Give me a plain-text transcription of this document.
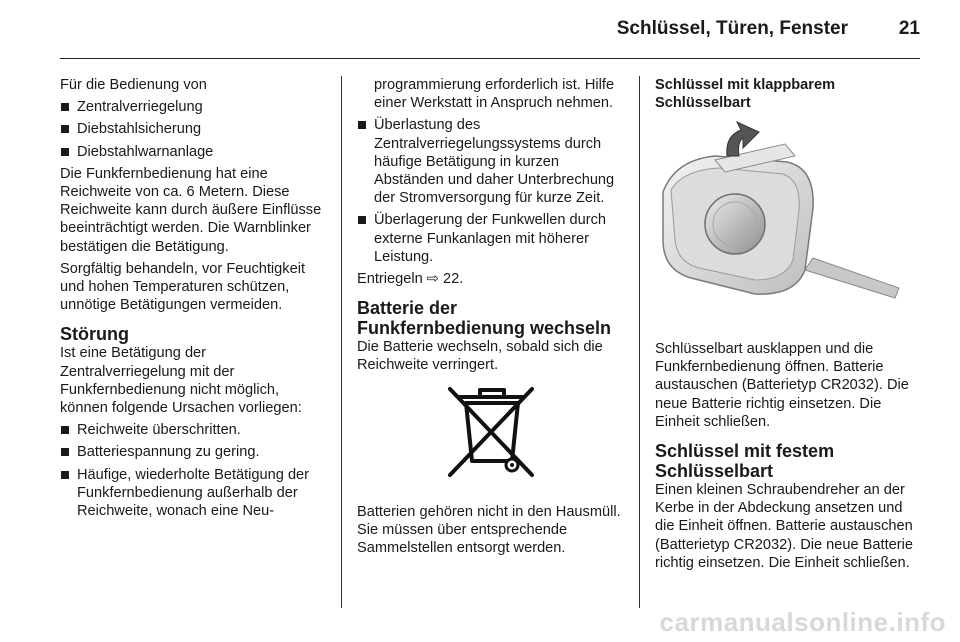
Schlüssel, Türen, Fenster	21
Für die Bedienung von
Zentralverriegelung
Diebstahlsicherung
Diebstahlwarnanlage
Die Funkfernbedienung hat eine Reichweite von ca. 6 Metern. Diese Reichweite kann durch äußere Einflüsse beeinträchtigt werden. Die Warnblinker bestätigen die Betätigung.
Sorgfältig behandeln, vor Feuchtigkeit und hohen Temperaturen schützen, unnötige Betätigungen vermeiden.
Störung
Ist eine Betätigung der Zentralverriegelung mit der Funkfernbedienung nicht möglich, können folgende Ursachen vorliegen:
Reichweite überschritten.
Batteriespannung zu gering.
Häufige, wiederholte Betätigung der Funkfernbedienung außerhalb der Reichweite, wonach eine Neu-
programmierung erforderlich ist. Hilfe einer Werkstatt in Anspruch nehmen.
Überlastung des Zentralverriegelungssystems durch häufige Betätigung in kurzen Abständen und daher Unterbrechung der Stromversorgung für kurze Zeit.
Überlagerung der Funkwellen durch externe Funkanlagen mit höherer Leistung.
Entriegeln ⇨ 22.
Batterie der Funkfernbedienung wechseln
Die Batterie wechseln, sobald sich die Reichweite verringert.
Batterien gehören nicht in den Hausmüll. Sie müssen über entsprechende Sammelstellen entsorgt werden.
Schlüssel mit klappbarem Schlüsselbart
Schlüsselbart ausklappen und die Funkfernbedienung öffnen. Batterie austauschen (Batterietyp CR2032). Die neue Batterie richtig einsetzen. Die Einheit schließen.
Schlüssel mit festem Schlüsselbart
Einen kleinen Schraubendreher an der Kerbe in der Abdeckung ansetzen und die Einheit öffnen. Batterie austauschen (Batterietyp CR2032). Die neue Batterie richtig einsetzen. Die Einheit schließen.
carmanualsonline.info
